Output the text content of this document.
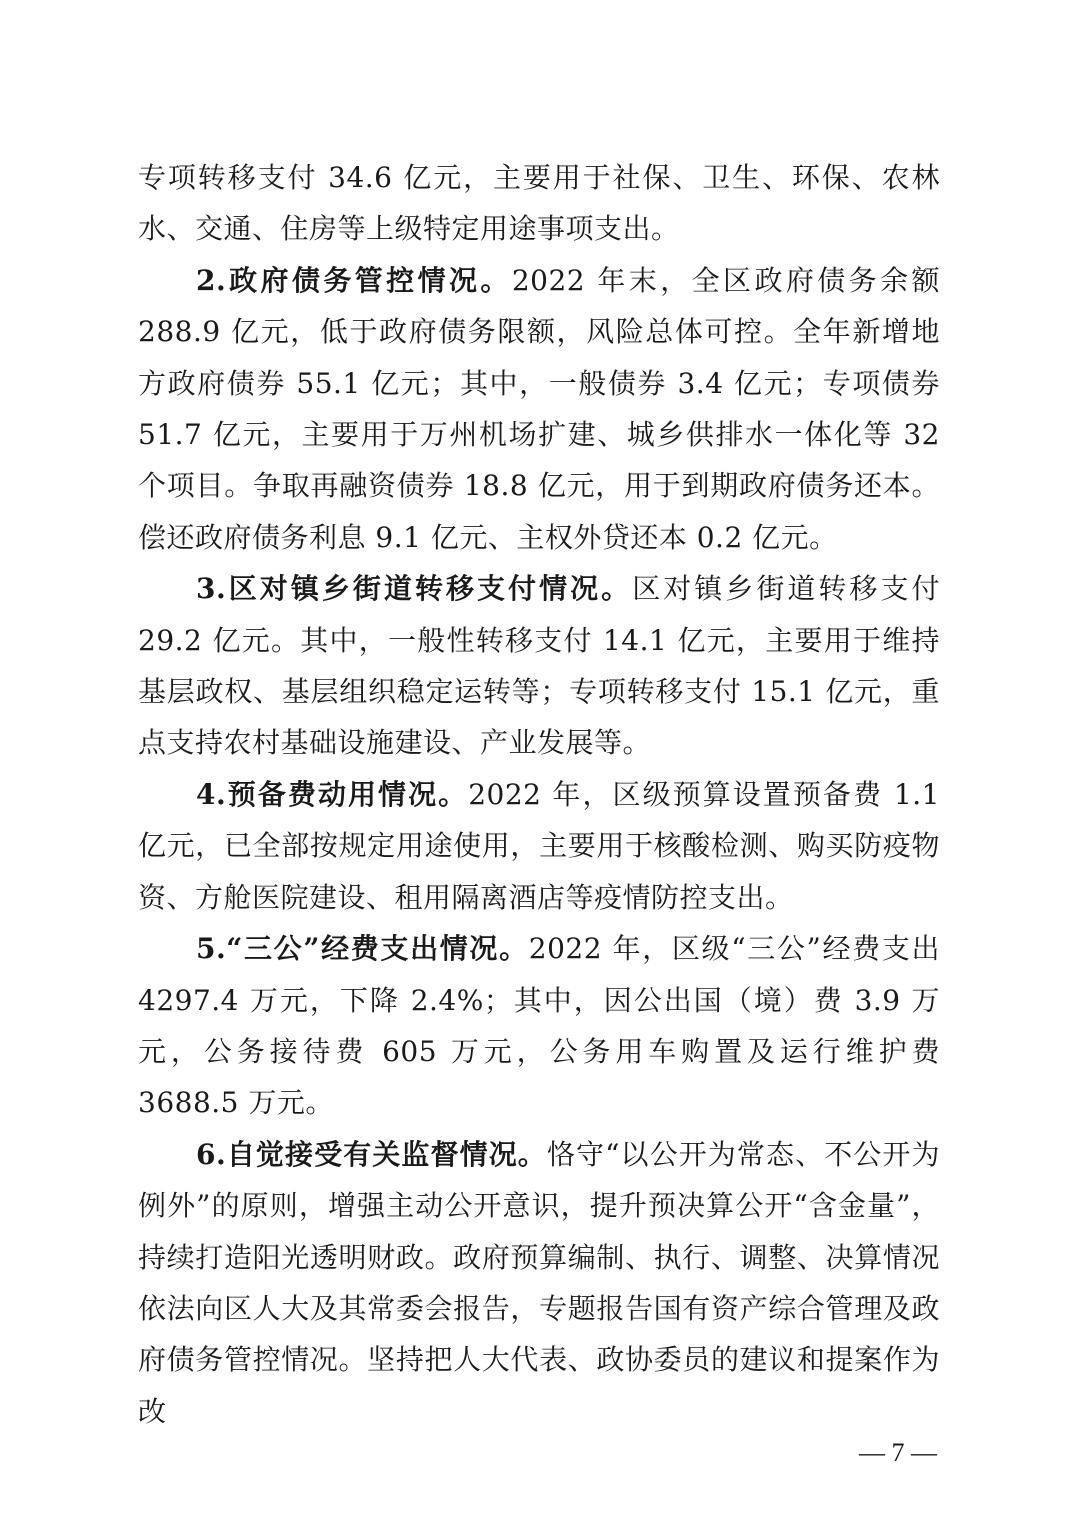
专项转移支付 34.6 亿元，主要用于社保、卫生、环保、农林水、交通、住房等上级特定用途事项支出。

2.政府债务管控情况。2022 年末，全区政府债务余额 288.9 亿元，低于政府债务限额，风险总体可控。全年新增地方政府债券 55.1 亿元；其中，一般债券 3.4 亿元；专项债券 51.7 亿元，主要用于万州机场扩建、城乡供排水一体化等 32 个项目。争取再融资债券 18.8 亿元，用于到期政府债务还本。偿还政府债务利息 9.1 亿元、主权外贷还本 0.2 亿元。

3.区对镇乡街道转移支付情况。区对镇乡街道转移支付 29.2 亿元。其中，一般性转移支付 14.1 亿元，主要用于维持基层政权、基层组织稳定运转等；专项转移支付 15.1 亿元，重点支持农村基础设施建设、产业发展等。

4.预备费动用情况。2022 年，区级预算设置预备费 1.1 亿元，已全部按规定用途使用，主要用于核酸检测、购买防疫物资、方舱医院建设、租用隔离酒店等疫情防控支出。

5.“三公”经费支出情况。2022 年，区级“三公”经费支出 4297.4 万元，下降 2.4%；其中，因公出国（境）费 3.9 万元，公务接待费 605 万元，公务用车购置及运行维护费 3688.5 万元。

6.自觉接受有关监督情况。恪守“以公开为常态、不公开为例外”的原则，增强主动公开意识，提升预决算公开“含金量”，持续打造阳光透明财政。政府预算编制、执行、调整、决算情况依法向区人大及其常委会报告，专题报告国有资产综合管理及政府债务管控情况。坚持把人大代表、政协委员的建议和提案作为改

— 7 —
